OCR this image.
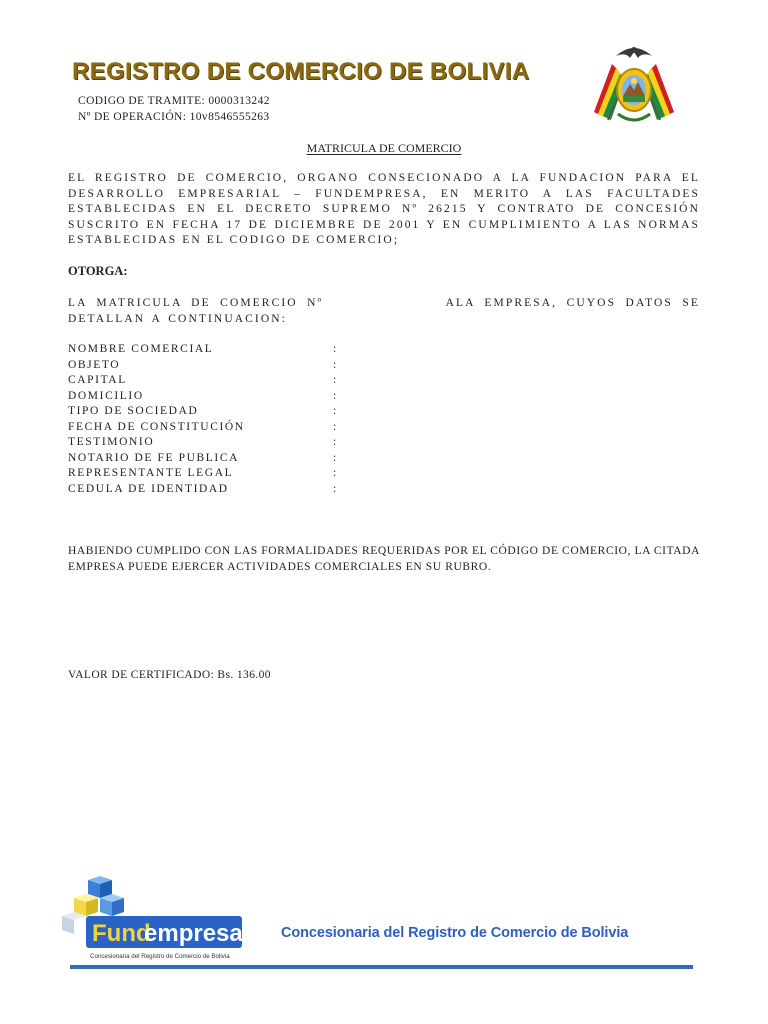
REGISTRO DE COMERCIO DE BOLIVIA
CODIGO DE TRAMITE: 0000313242
Nº DE OPERACIÓN: 10v8546555263
MATRICULA DE COMERCIO

EL REGISTRO DE COMERCIO, ORGANO CONSECIONADO A LA FUNDACION PARA EL DESARROLLO EMPRESARIAL – FUNDEMPRESA, EN MERITO A LAS FACULTADES ESTABLECIDAS EN EL DECRETO SUPREMO Nº 26215 Y CONTRATO DE CONCESIÓN SUSCRITO EN FECHA 17 DE DICIEMBRE DE 2001 Y EN CUMPLIMIENTO A LAS NORMAS ESTABLECIDAS EN EL CODIGO DE COMERCIO;

OTORGA:

LA MATRICULA DE COMERCIO Nº             ALA EMPRESA, CUYOS DATOS SE DETALLAN A CONTINUACION:

NOMBRE COMERCIAL	:
OBJETO	:
CAPITAL	:
DOMICILIO	:
TIPO DE SOCIEDAD	:
FECHA DE CONSTITUCIÓN	:
TESTIMONIO	:
NOTARIO DE FE PUBLICA	:
REPRESENTANTE LEGAL	:
CEDULA DE IDENTIDAD	:

HABIENDO CUMPLIDO CON LAS FORMALIDADES REQUERIDAS POR EL CÓDIGO DE COMERCIO, LA CITADA EMPRESA PUEDE EJERCER ACTIVIDADES COMERCIALES EN SU RUBRO.

VALOR DE CERTIFICADO: Bs. 136.00
Fund
empresa
Concesionaria del Registro de Comercio de Bolivia
Concesionaria del Registro de Comercio de Bolivia
